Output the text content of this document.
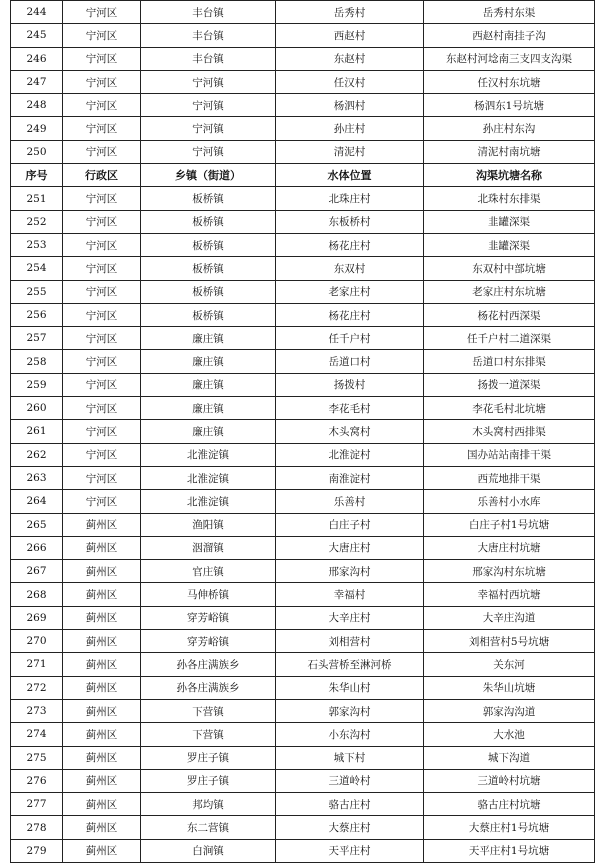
244	宁河区	丰台镇	岳秀村	岳秀村东渠
245	宁河区	丰台镇	西赵村	西赵村南挂子沟
246	宁河区	丰台镇	东赵村	东赵村河埝南三支四支沟渠
247	宁河区	宁河镇	任汉村	任汉村东坑塘
248	宁河区	宁河镇	杨泗村	杨泗东1号坑塘
249	宁河区	宁河镇	孙庄村	孙庄村东沟
250	宁河区	宁河镇	清泥村	清泥村南坑塘
序号	行政区	乡镇（街道）	水体位置	沟渠坑塘名称
251	宁河区	板桥镇	北珠庄村	北珠村东排渠
252	宁河区	板桥镇	东板桥村	韭罐深渠
253	宁河区	板桥镇	杨花庄村	韭罐深渠
254	宁河区	板桥镇	东双村	东双村中部坑塘
255	宁河区	板桥镇	老家庄村	老家庄村东坑塘
256	宁河区	板桥镇	杨花庄村	杨花村西深渠
257	宁河区	廉庄镇	任千户村	任千户村二道深渠
258	宁河区	廉庄镇	岳道口村	岳道口村东排渠
259	宁河区	廉庄镇	扬拨村	扬拨一道深渠
260	宁河区	廉庄镇	李花毛村	李花毛村北坑塘
261	宁河区	廉庄镇	木头窝村	木头窝村西排渠
262	宁河区	北淮淀镇	北淮淀村	国办站站南排干渠
263	宁河区	北淮淀镇	南淮淀村	西荒地排干渠
264	宁河区	北淮淀镇	乐善村	乐善村小水库
265	蓟州区	渔阳镇	白庄子村	白庄子村1号坑塘
266	蓟州区	洇溜镇	大唐庄村	大唐庄村坑塘
267	蓟州区	官庄镇	邢家沟村	邢家沟村东坑塘
268	蓟州区	马伸桥镇	幸福村	幸福村西坑塘
269	蓟州区	穿芳峪镇	大辛庄村	大辛庄沟道
270	蓟州区	穿芳峪镇	刘相营村	刘相营村5号坑塘
271	蓟州区	孙各庄满族乡	石头营桥至淋河桥	关东河
272	蓟州区	孙各庄满族乡	朱华山村	朱华山坑塘
273	蓟州区	下营镇	郭家沟村	郭家沟沟道
274	蓟州区	下营镇	小东沟村	大水池
275	蓟州区	罗庄子镇	城下村	城下沟道
276	蓟州区	罗庄子镇	三道岭村	三道岭村坑塘
277	蓟州区	邦均镇	骆古庄村	骆古庄村坑塘
278	蓟州区	东二营镇	大蔡庄村	大蔡庄村1号坑塘
279	蓟州区	白涧镇	天平庄村	天平庄村1号坑塘
